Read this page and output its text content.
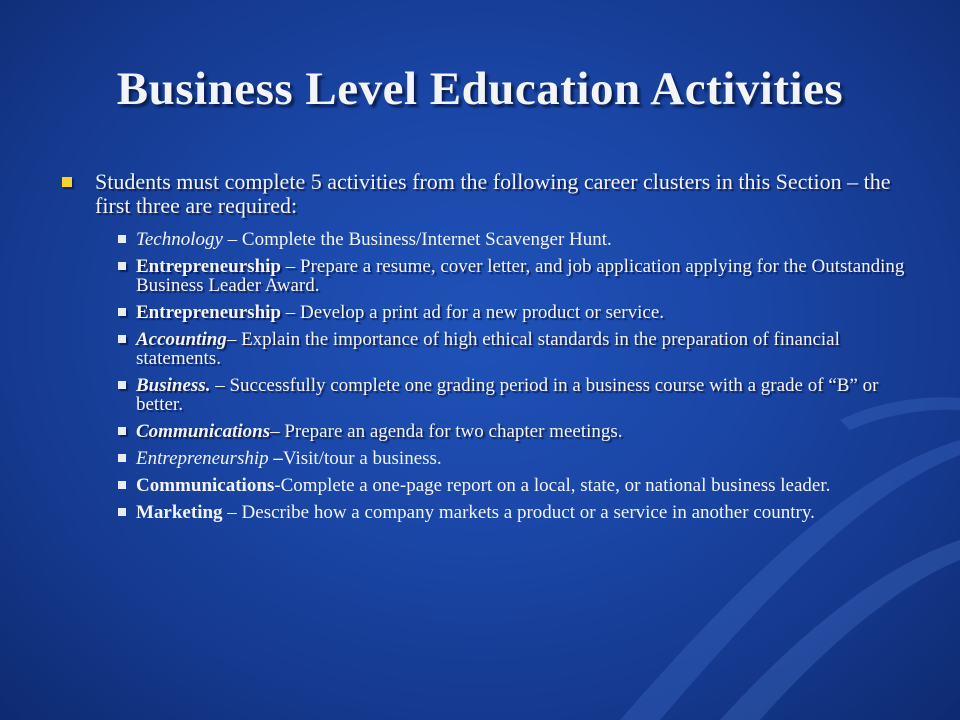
Business Level Education Activities
Students must complete 5 activities from the following career clusters in this Section – the first three are required:
Technology – Complete the Business/Internet Scavenger Hunt.
Entrepreneurship – Prepare a resume, cover letter, and job application applying for the Outstanding Business Leader Award.
Entrepreneurship – Develop a print ad for a new product or service.
Accounting– Explain the importance of high ethical standards in the preparation of financial statements.
Business. – Successfully complete one grading period in a business course with a grade of “B” or better.
Communications– Prepare an agenda for two chapter meetings.
Entrepreneurship –Visit/tour a business.
Communications-Complete a one-page report on a local, state, or national business leader.
Marketing – Describe how a company markets a product or a service in another country.
